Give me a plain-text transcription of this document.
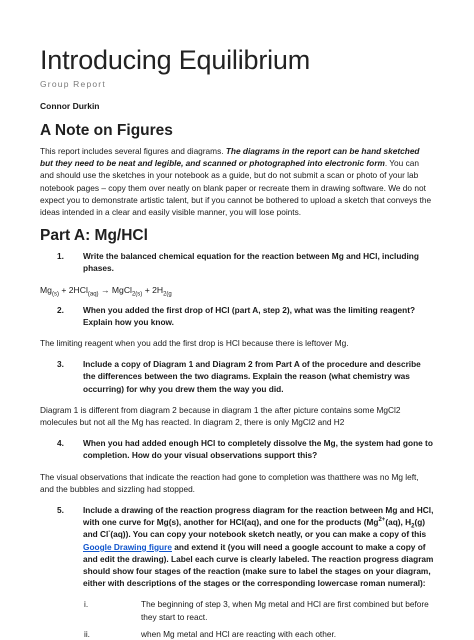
Introducing Equilibrium
Group Report
Connor Durkin
A Note on Figures

This report includes several figures and diagrams. The diagrams in the report can be hand sketched but they need to be neat and legible, and scanned or photographed into electronic form. You can and should use the sketches in your notebook as a guide, but do not submit a scan or photo of your lab notebook pages – copy them over neatly on blank paper or recreate them in drawing software. We do not expect you to demonstrate artistic talent, but if you cannot be bothered to upload a sketch that conveys the ideas intended in a clear and easily visible manner, you will lose points.

Part A: Mg/HCl
1.	Write the balanced chemical equation for the reaction between Mg and HCl, including phases.
$Mg_{(s)} + 2HCl_{(aq)}$ → MgCl$_{2(s)}$ + $2H_{2(g}$
2.	When you added the first drop of HCl (part A, step 2), what was the limiting reagent? Explain how you know.

The limiting reagent when you add the first drop is HCl because there is leftover Mg.

3.	Include a copy of Diagram 1 and Diagram 2 from Part A of the procedure and describe the differences between the two diagrams. Explain the reason (what chemistry was occurring) for why you drew them the way you did.

Diagram 1 is different from diagram 2 because in diagram 1 the after picture contains some MgCl2 molecules but not all the Mg has reacted. In diagram 2, there is only MgCl2 and H2

4.	When you had added enough HCl to completely dissolve the Mg, the system had gone to completion. How do your visual observations support this?

The visual observations that indicate the reaction had gone to completion was thatthere was no Mg left, and the bubbles and sizzling had stopped.

5.	Include a drawing of the reaction progress diagram for the reaction between Mg and HCl, with one curve for Mg(s), another for HCl(aq), and one for the products ($Mg^{2+}(aq)$, $H_2(g)$ and Cl-(aq)). You can copy your notebook sketch neatly, or you can make a copy of this Google Drawing figure and extend it (you will need a google account to make a copy of and edit the drawing). Label each curve is clearly labeled. The reaction progress diagram should show four stages of the reaction (make sure to label the stages on your diagram, either with descriptions of the stages or the corresponding lowercase roman numeral):
i.	The beginning of step 3, when Mg metal and HCl are first combined but before they start to react.
ii.	when Mg metal and HCl are reacting with each other.
